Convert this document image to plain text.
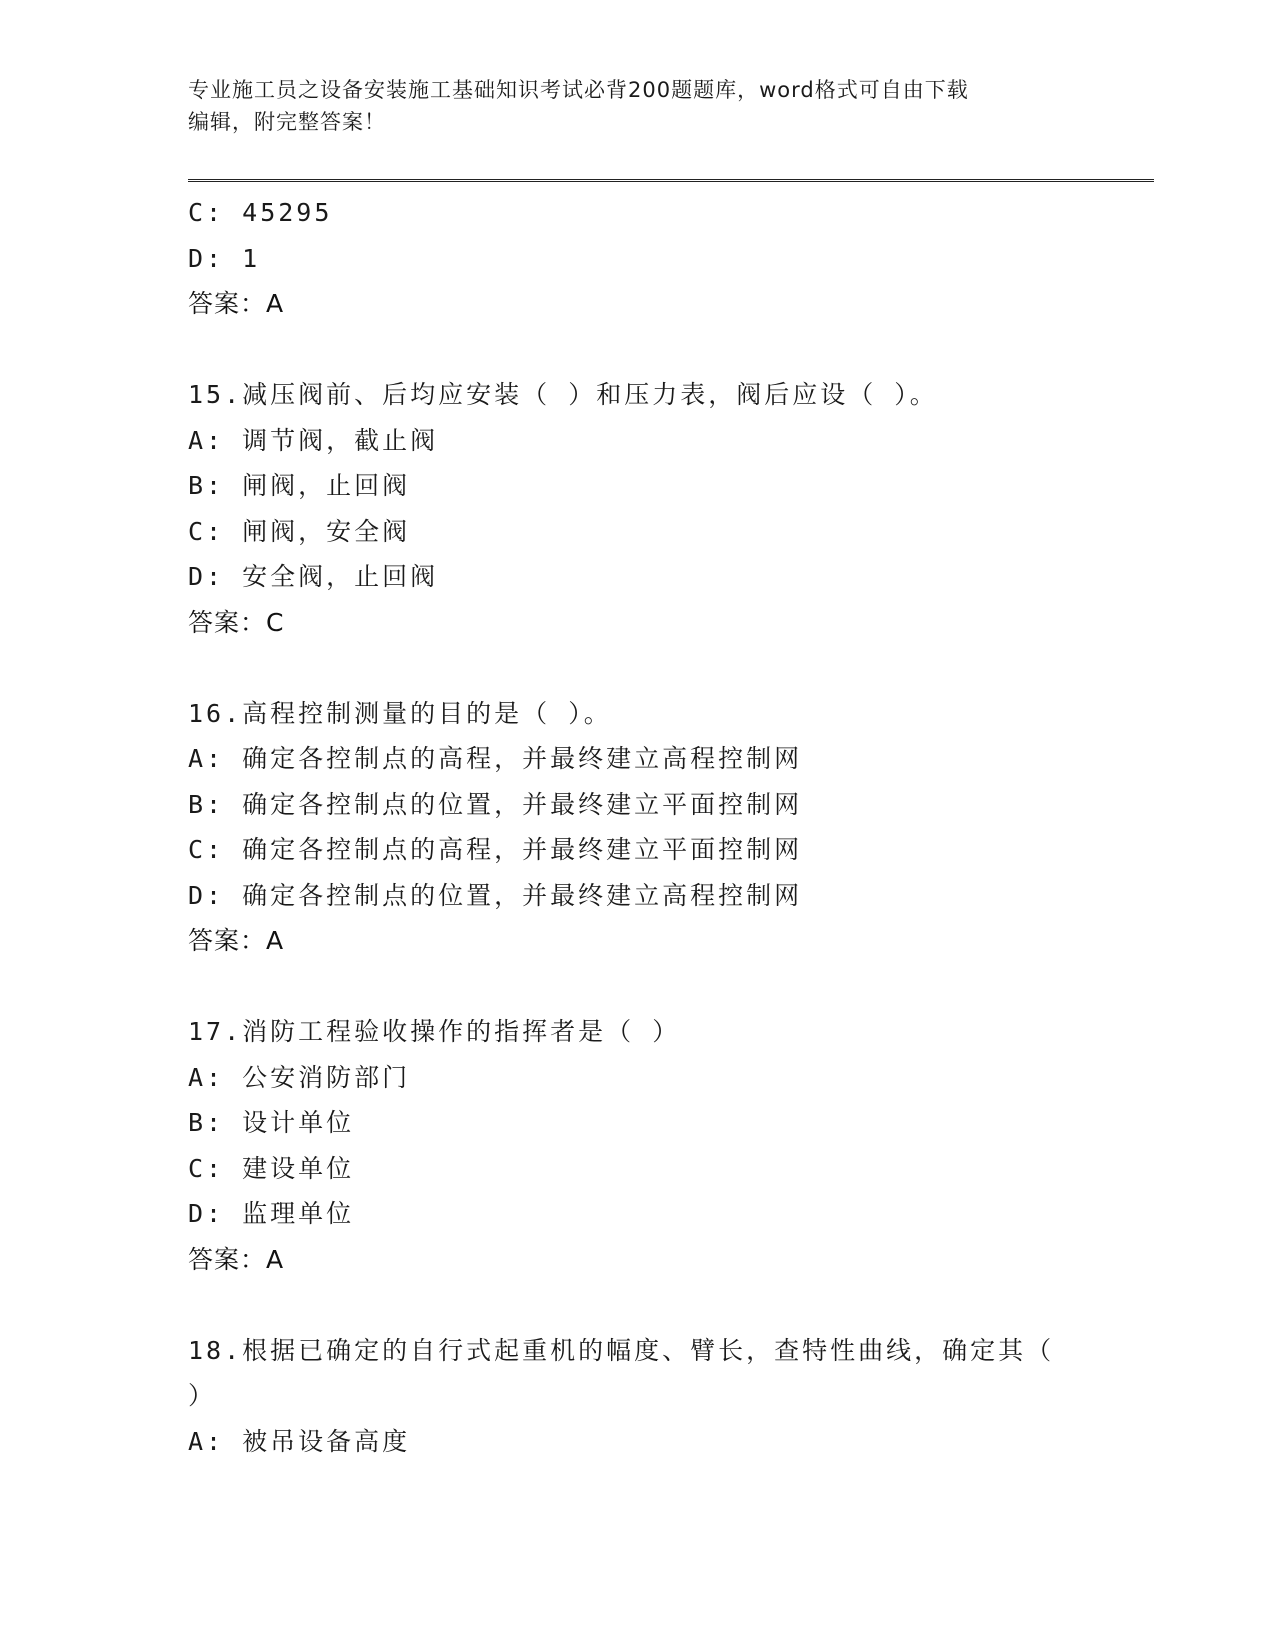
专业施工员之设备安装施工基础知识考试必背200题题库，word格式可自由下载
编辑，附完整答案！
C: 45295
D: 1
答案：A
15.减压阀前、后均应安装（ ）和压力表，阀后应设（ ）。
A: 调节阀，截止阀
B: 闸阀，止回阀
C: 闸阀，安全阀
D: 安全阀，止回阀
答案：C
16.高程控制测量的目的是（ ）。
A: 确定各控制点的高程，并最终建立高程控制网
B: 确定各控制点的位置，并最终建立平面控制网
C: 确定各控制点的高程，并最终建立平面控制网
D: 确定各控制点的位置，并最终建立高程控制网
答案：A
17.消防工程验收操作的指挥者是（ ）
A: 公安消防部门
B: 设计单位
C: 建设单位
D: 监理单位
答案：A
18.根据已确定的自行式起重机的幅度、臂长，查特性曲线，确定其（
）
A: 被吊设备高度
